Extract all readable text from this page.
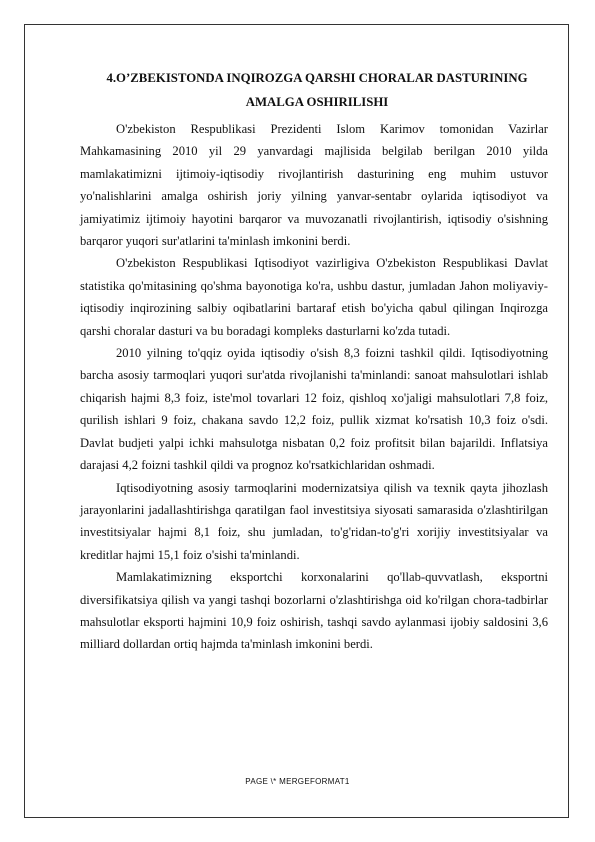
4.O’ZBEKISTONDA INQIROZGA QARSHI CHORALAR DASTURINING AMALGA OSHIRILISHI

O'zbekiston Respublikasi Prezidenti Islom Karimov tomonidan Vazirlar Mahkamasining 2010 yil 29 yanvardagi majlisida belgilab berilgan 2010 yilda mamlakatimizni ijtimoiy-iqtisodiy rivojlantirish dasturining eng muhim ustuvor yo'nalishlarini amalga oshirish joriy yilning yanvar-sentabr oylarida iqtisodiyot va jamiyatimiz ijtimoiy hayotini barqaror va muvozanatli rivojlantirish, iqtisodiy o'sishning barqaror yuqori sur'atlarini ta'minlash imkonini berdi.

O'zbekiston Respublikasi Iqtisodiyot vazirligiva O'zbekiston Respublikasi Davlat statistika qo'mitasining qo'shma bayonotiga ko'ra, ushbu dastur, jumladan Jahon moliyaviy-iqtisodiy inqirozining salbiy oqibatlarini bartaraf etish bo'yicha qabul qilingan Inqirozga qarshi choralar dasturi va bu boradagi kompleks dasturlarni ko'zda tutadi.

2010 yilning to'qqiz oyida iqtisodiy o'sish 8,3 foizni tashkil qildi. Iqtisodiyotning barcha asosiy tarmoqlari yuqori sur'atda rivojlanishi ta'minlandi: sanoat mahsulotlari ishlab chiqarish hajmi 8,3 foiz, iste'mol tovarlari 12 foiz, qishloq xo'jaligi mahsulotlari 7,8 foiz, qurilish ishlari 9 foiz, chakana savdo 12,2 foiz, pullik xizmat ko'rsatish 10,3 foiz o'sdi. Davlat budjeti yalpi ichki mahsulotga nisbatan 0,2 foiz profitsit bilan bajarildi. Inflatsiya darajasi 4,2 foizni tashkil qildi va prognoz ko'rsatkichlaridan oshmadi.

Iqtisodiyotning asosiy tarmoqlarini modernizatsiya qilish va texnik qayta jihozlash jarayonlarini jadallashtirishga qaratilgan faol investitsiya siyosati samarasida o'zlashtirilgan investitsiyalar hajmi 8,1 foiz, shu jumladan, to'g'ridan-to'g'ri xorijiy investitsiyalar va kreditlar hajmi 15,1 foiz o'sishi ta'minlandi.

Mamlakatimizning eksportchi korxonalarini qo'llab-quvvatlash, eksportni diversifikatsiya qilish va yangi tashqi bozorlarni o'zlashtirishga oid ko'rilgan chora-tadbirlar mahsulotlar eksporti hajmini 10,9 foiz oshirish, tashqi savdo aylanmasi ijobiy saldosini 3,6 milliard dollardan ortiq hajmda ta'minlash imkonini berdi.

PAGE \* MERGEFORMAT1
